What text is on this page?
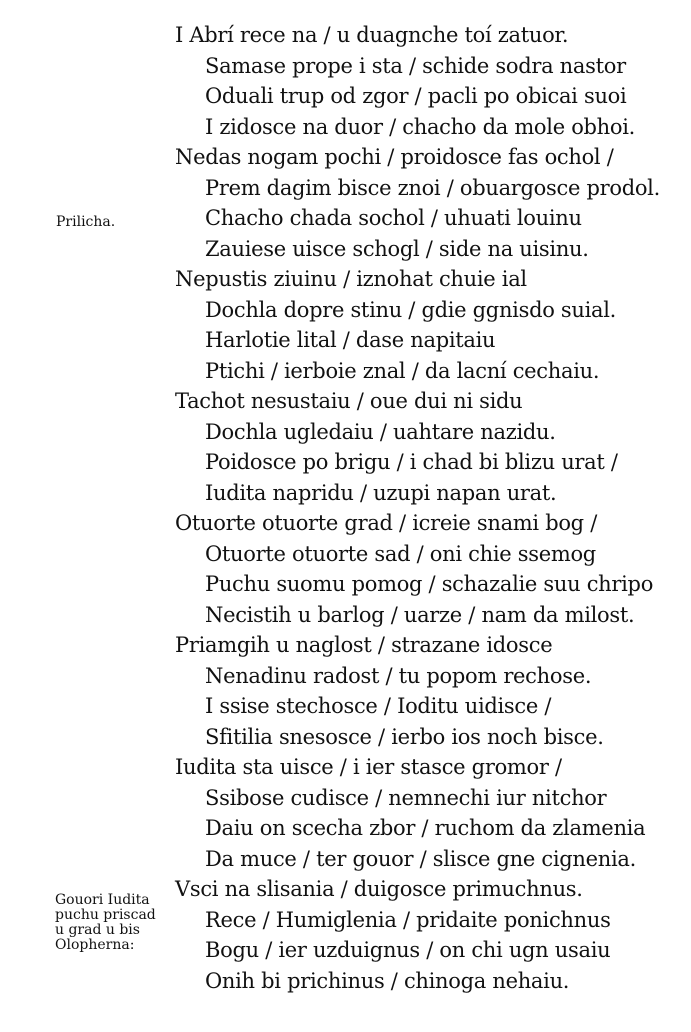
I Abrí rece na / u duagnche toí zatuor.
Samase prope i sta / schide sodra nastor
Oduali trup od zgor / pacli po obicai suoi
I zidosce na duor / chacho da mole obhoi.
Nedas nogam pochi / proidosce fas ochol /
Prem dagim bisce znoi / obuargosce prodol.
Chacho chada sochol / uhuati louinu
Zauiese uisce schogl / side na uisinu.
Nepustis ziuinu / iznohat chuie ial
Dochla dopre stinu / gdie ggnisdo suial.
Harlotie lital / dase napitaiu
Ptichi / ierboie znal / da lacní cechaiu.
Tachot nesustaiu / oue dui ni sidu
Dochla ugledaiu / uahtare nazidu.
Poidosce po brigu / i chad bi blizu urat /
Iudita napridu / uzupi napan urat.
Otuorte otuorte grad / icreie snami bog /
Otuorte otuorte sad / oni chie ssemog
Puchu suomu pomog / schazalie suu chripo
Necistih u barlog / uarze / nam da milost.
Priamgih u naglost / strazane idosce
Nenadinu radost / tu popom rechose.
I ssise stechosce / Ioditu uidisce /
Sfitilia snesosce / ierbo ios noch bisce.
Iudita sta uisce / i ier stasce gromor /
Ssibose cudisce / nemnechi iur nitchor
Daiu on scecha zbor / ruchom da zlamenia
Da muce / ter gouor / slisce gne cignenia.
Vsci na slisania / duigosce primuchnus.
Rece / Humiglenia / pridaite ponichnus
Bogu / ier uzduignus / on chi ugn usaiu
Onih bi prichinus / chinoga nehaiu.
Prilicha.
Gouori Iudita
puchu priscad
u grad u bis
Olopherna:
